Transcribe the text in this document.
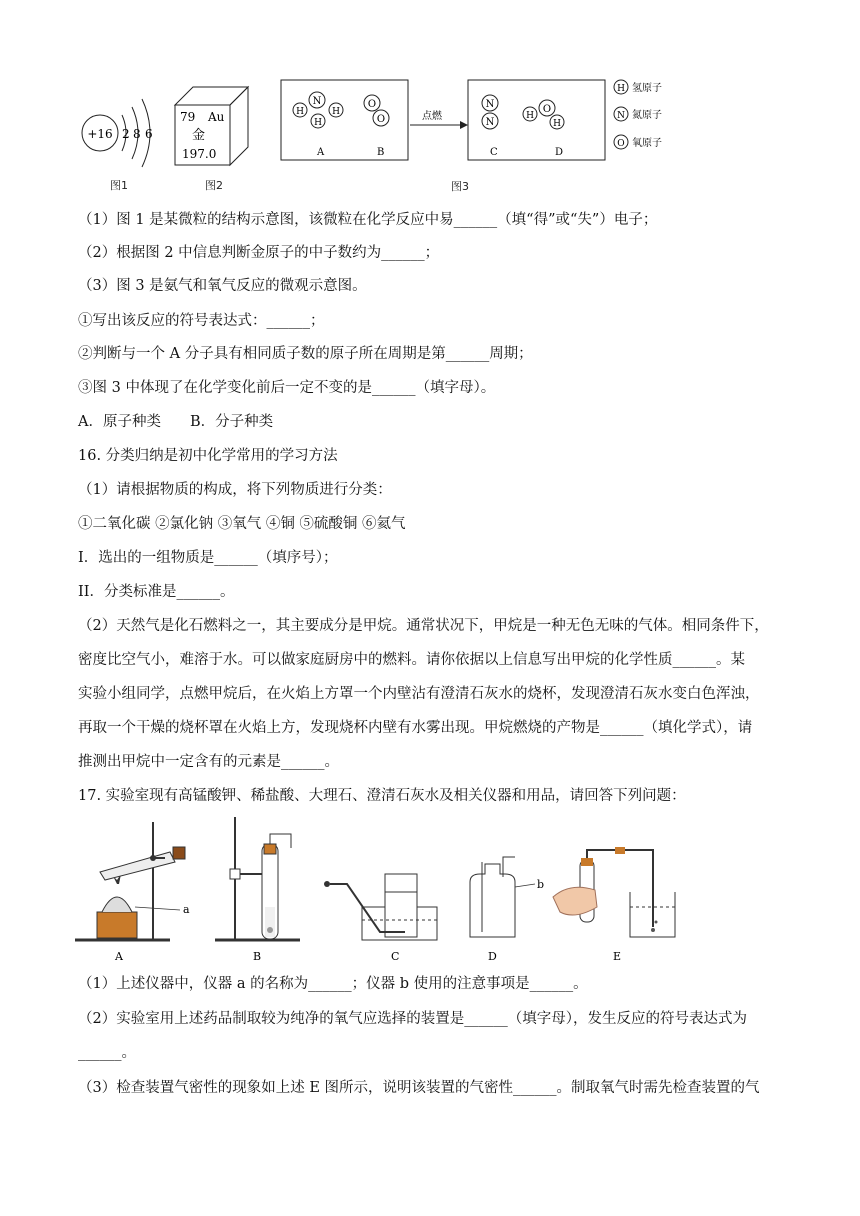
+16 2 8 6
79 Au
金
197.0
N
H	H
H
O
O
A	B
点燃
N
N
H
O
H
C	D
H 氢原子
N 氮原子
O 氧原子
图1	图2	图3
（1）图 1 是某微粒的结构示意图，该微粒在化学反应中易______（填“得”或“失”）电子；
（2）根据图 2 中信息判断金原子的中子数约为______；
（3）图 3 是氨气和氧气反应的微观示意图。
①写出该反应的符号表达式：______；
②判断与一个 A 分子具有相同质子数的原子所在周期是第______周期；
③图 3 中体现了在化学变化前后一定不变的是______（填字母）。
A．原子种类　　B．分子种类
16. 分类归纳是初中化学常用的学习方法
（1）请根据物质的构成，将下列物质进行分类：
①二氧化碳 ②氯化钠 ③氧气 ④铜 ⑤硫酸铜 ⑥氦气
I．选出的一组物质是______（填序号）；
II．分类标准是______。
（2）天然气是化石燃料之一，其主要成分是甲烷。通常状况下，甲烷是一种无色无味的气体。相同条件下，
密度比空气小，难溶于水。可以做家庭厨房中的燃料。请你依据以上信息写出甲烷的化学性质______。某
实验小组同学，点燃甲烷后，在火焰上方罩一个内壁沾有澄清石灰水的烧杯，发现澄清石灰水变白色浑浊，
再取一个干燥的烧杯罩在火焰上方，发现烧杯内壁有水雾出现。甲烷燃烧的产物是______（填化学式），请
推测出甲烷中一定含有的元素是______。
17. 实验室现有高锰酸钾、稀盐酸、大理石、澄清石灰水及相关仪器和用品，请回答下列问题：
a
A	B	C
b
D	E
（1）上述仪器中，仪器 a 的名称为______；仪器 b 使用的注意事项是______。
（2）实验室用上述药品制取较为纯净的氧气应选择的装置是______（填字母），发生反应的符号表达式为
______。
（3）检查装置气密性的现象如上述 E 图所示，说明该装置的气密性______。制取氧气时需先检查装置的气
